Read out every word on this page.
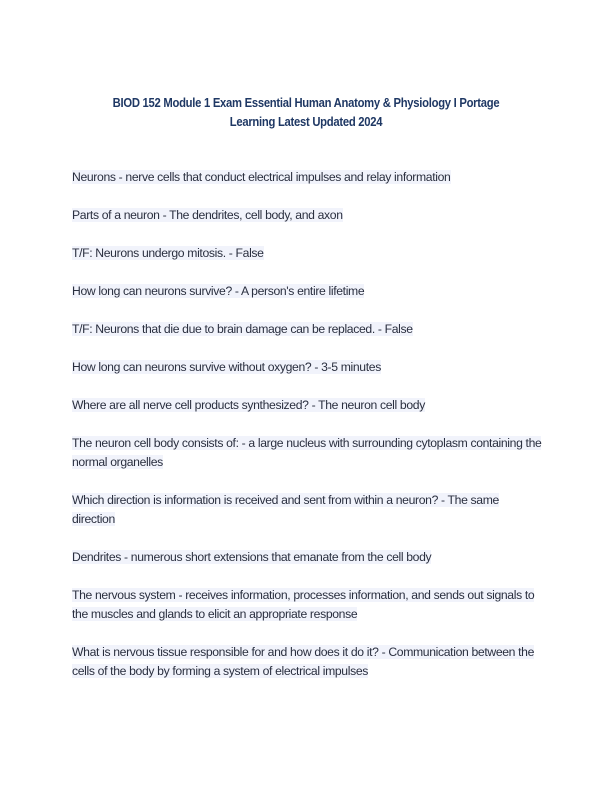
BIOD 152 Module 1 Exam Essential Human Anatomy & Physiology I Portage Learning Latest Updated 2024
Neurons - nerve cells that conduct electrical impulses and relay information
Parts of a neuron - The dendrites, cell body, and axon
T/F: Neurons undergo mitosis. - False
How long can neurons survive? - A person's entire lifetime
T/F: Neurons that die due to brain damage can be replaced. - False
How long can neurons survive without oxygen? - 3-5 minutes
Where are all nerve cell products synthesized? - The neuron cell body
The neuron cell body consists of: - a large nucleus with surrounding cytoplasm containing the normal organelles
Which direction is information is received and sent from within a neuron? - The same direction
Dendrites - numerous short extensions that emanate from the cell body
The nervous system - receives information, processes information, and sends out signals to the muscles and glands to elicit an appropriate response
What is nervous tissue responsible for and how does it do it? - Communication between the cells of the body by forming a system of electrical impulses
